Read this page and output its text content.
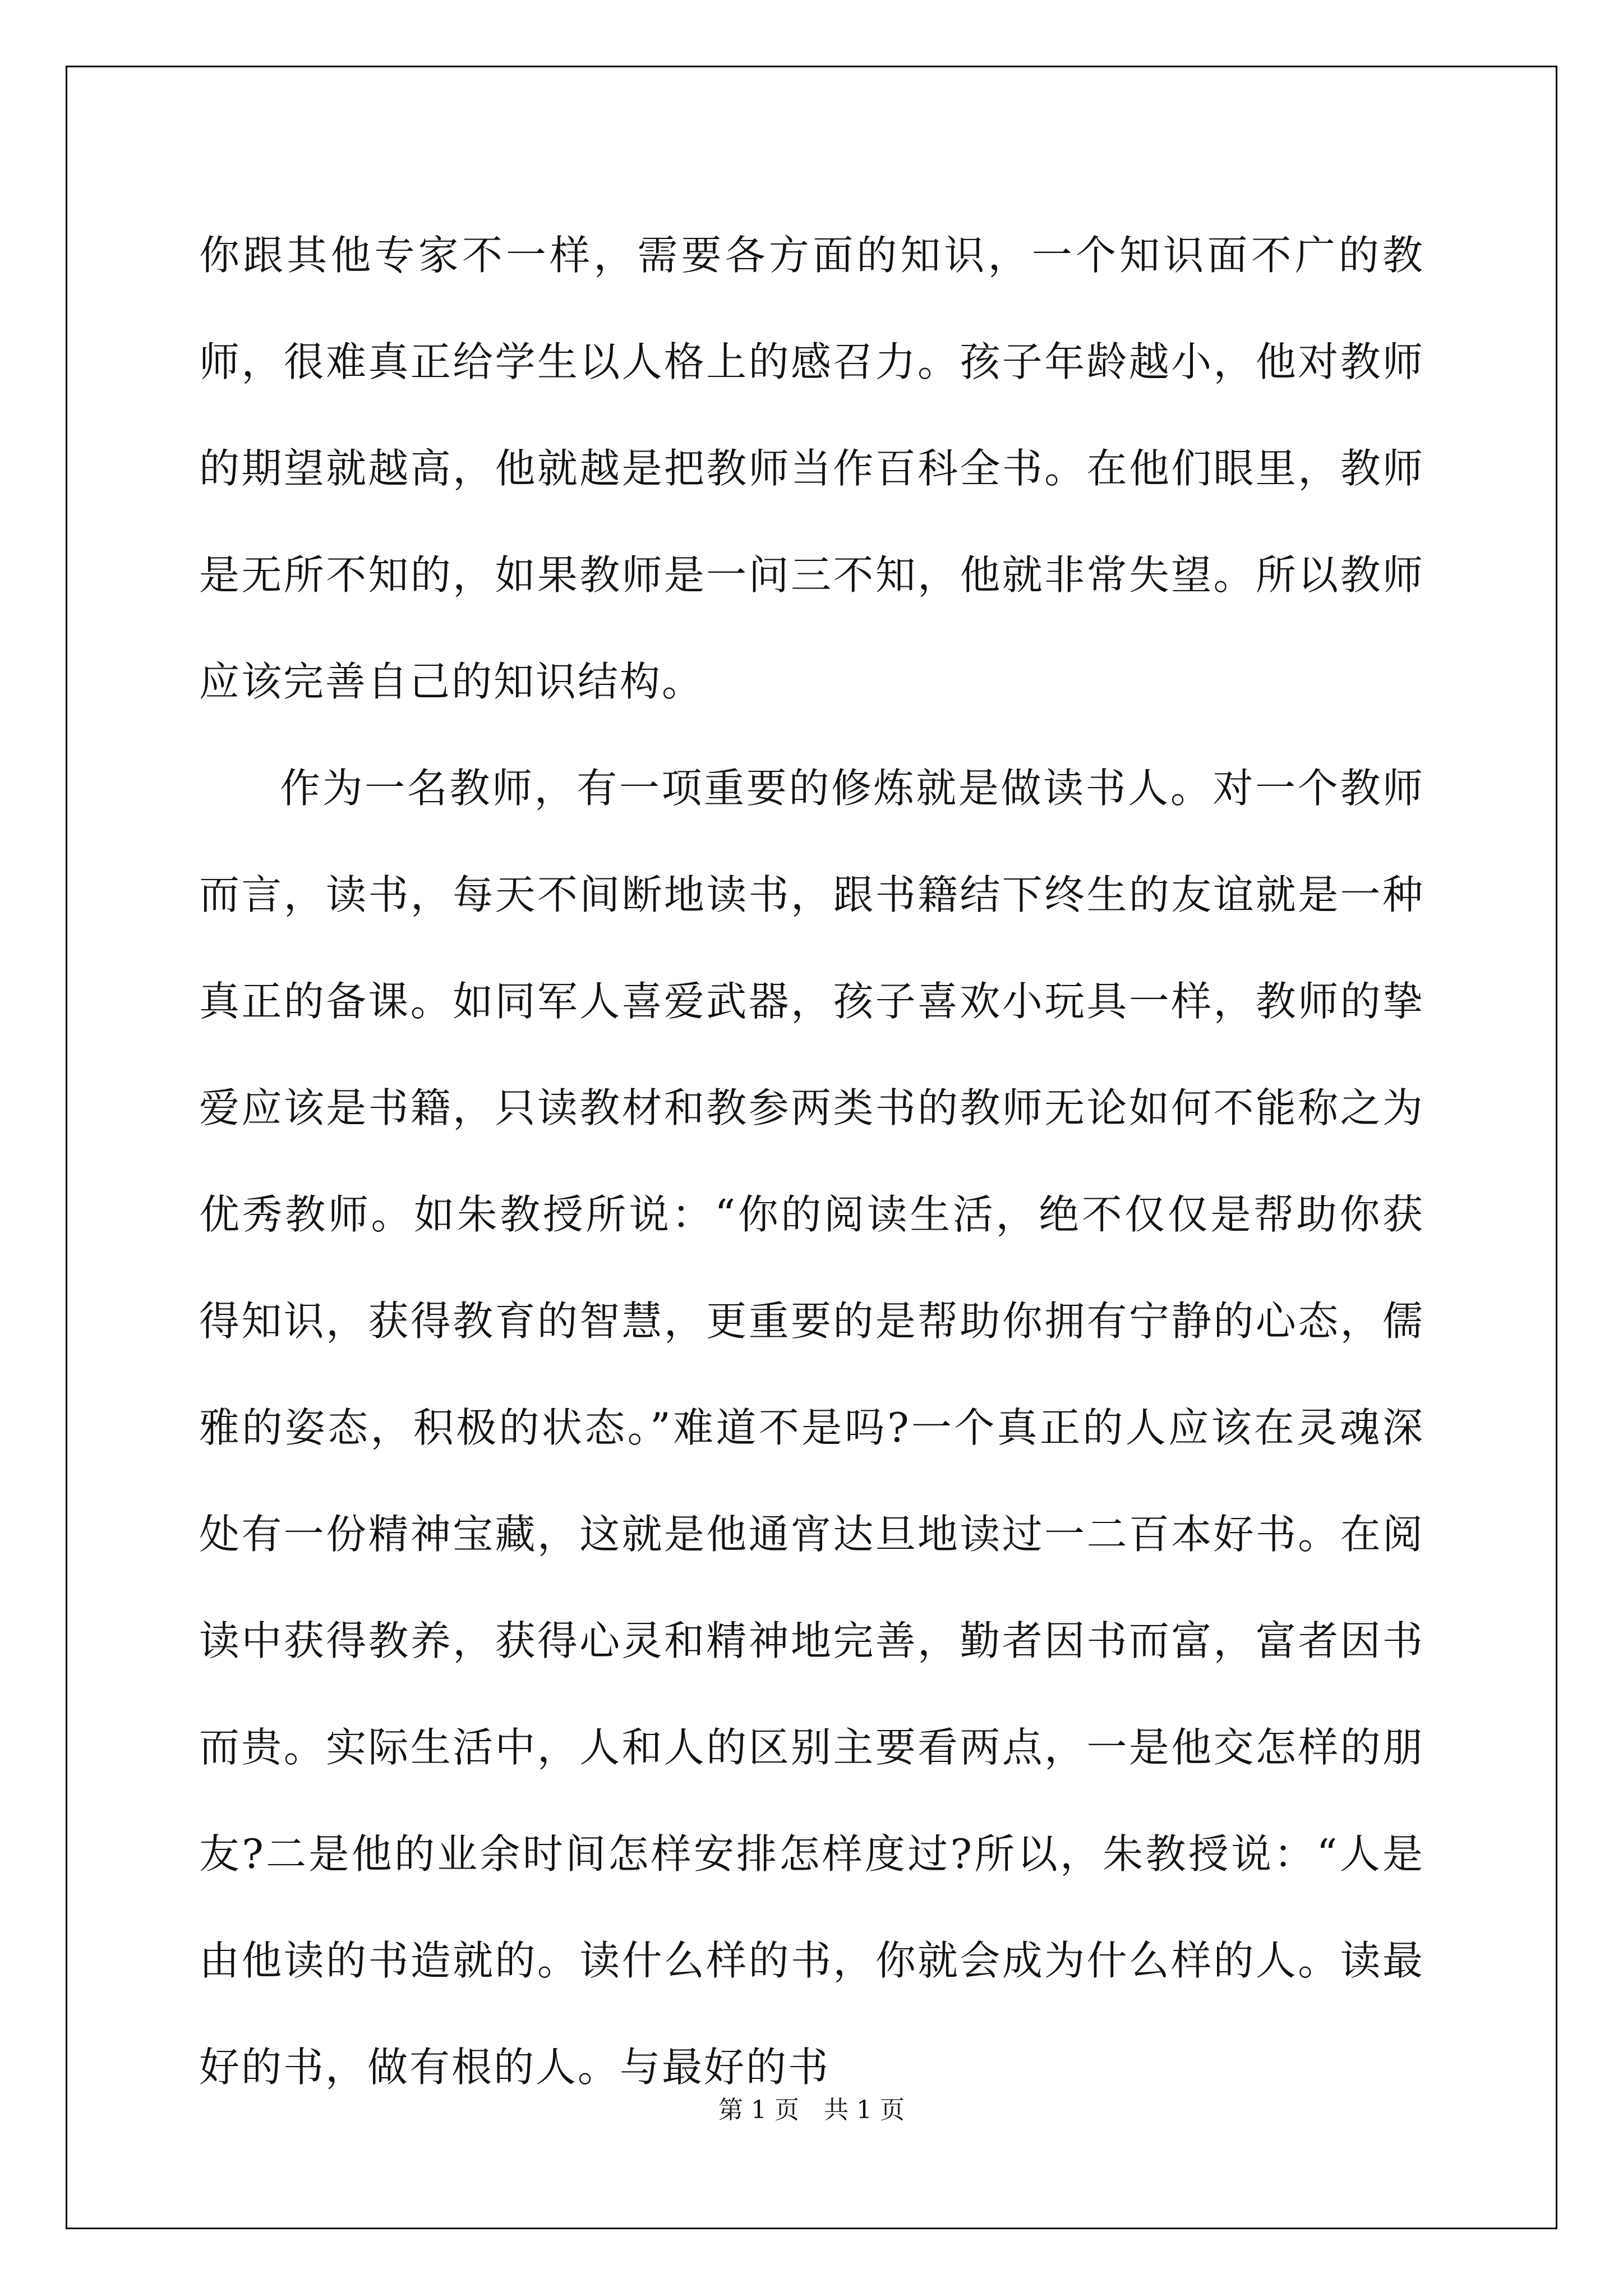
你跟其他专家不一样，需要各方面的知识，一个知识面不广的教师，很难真正给学生以人格上的感召力。孩子年龄越小，他对教师的期望就越高，他就越是把教师当作百科全书。在他们眼里，教师是无所不知的，如果教师是一问三不知，他就非常失望。所以教师应该完善自己的知识结构。

作为一名教师，有一项重要的修炼就是做读书人。对一个教师而言，读书，每天不间断地读书，跟书籍结下终生的友谊就是一种真正的备课。如同军人喜爱武器，孩子喜欢小玩具一样，教师的挚爱应该是书籍，只读教材和教参两类书的教师无论如何不能称之为优秀教师。如朱教授所说：“你的阅读生活，绝不仅仅是帮助你获得知识，获得教育的智慧，更重要的是帮助你拥有宁静的心态，儒雅的姿态，积极的状态。”难道不是吗?一个真正的人应该在灵魂深处有一份精神宝藏，这就是他通宵达旦地读过一二百本好书。在阅读中获得教养，获得心灵和精神地完善，勤者因书而富，富者因书而贵。实际生活中，人和人的区别主要看两点，一是他交怎样的朋友?二是他的业余时间怎样安排怎样度过?所以，朱教授说：“人是由他读的书造就的。读什么样的书，你就会成为什么样的人。读最好的书，做有根的人。与最好的书

第 1 页 共 1 页
